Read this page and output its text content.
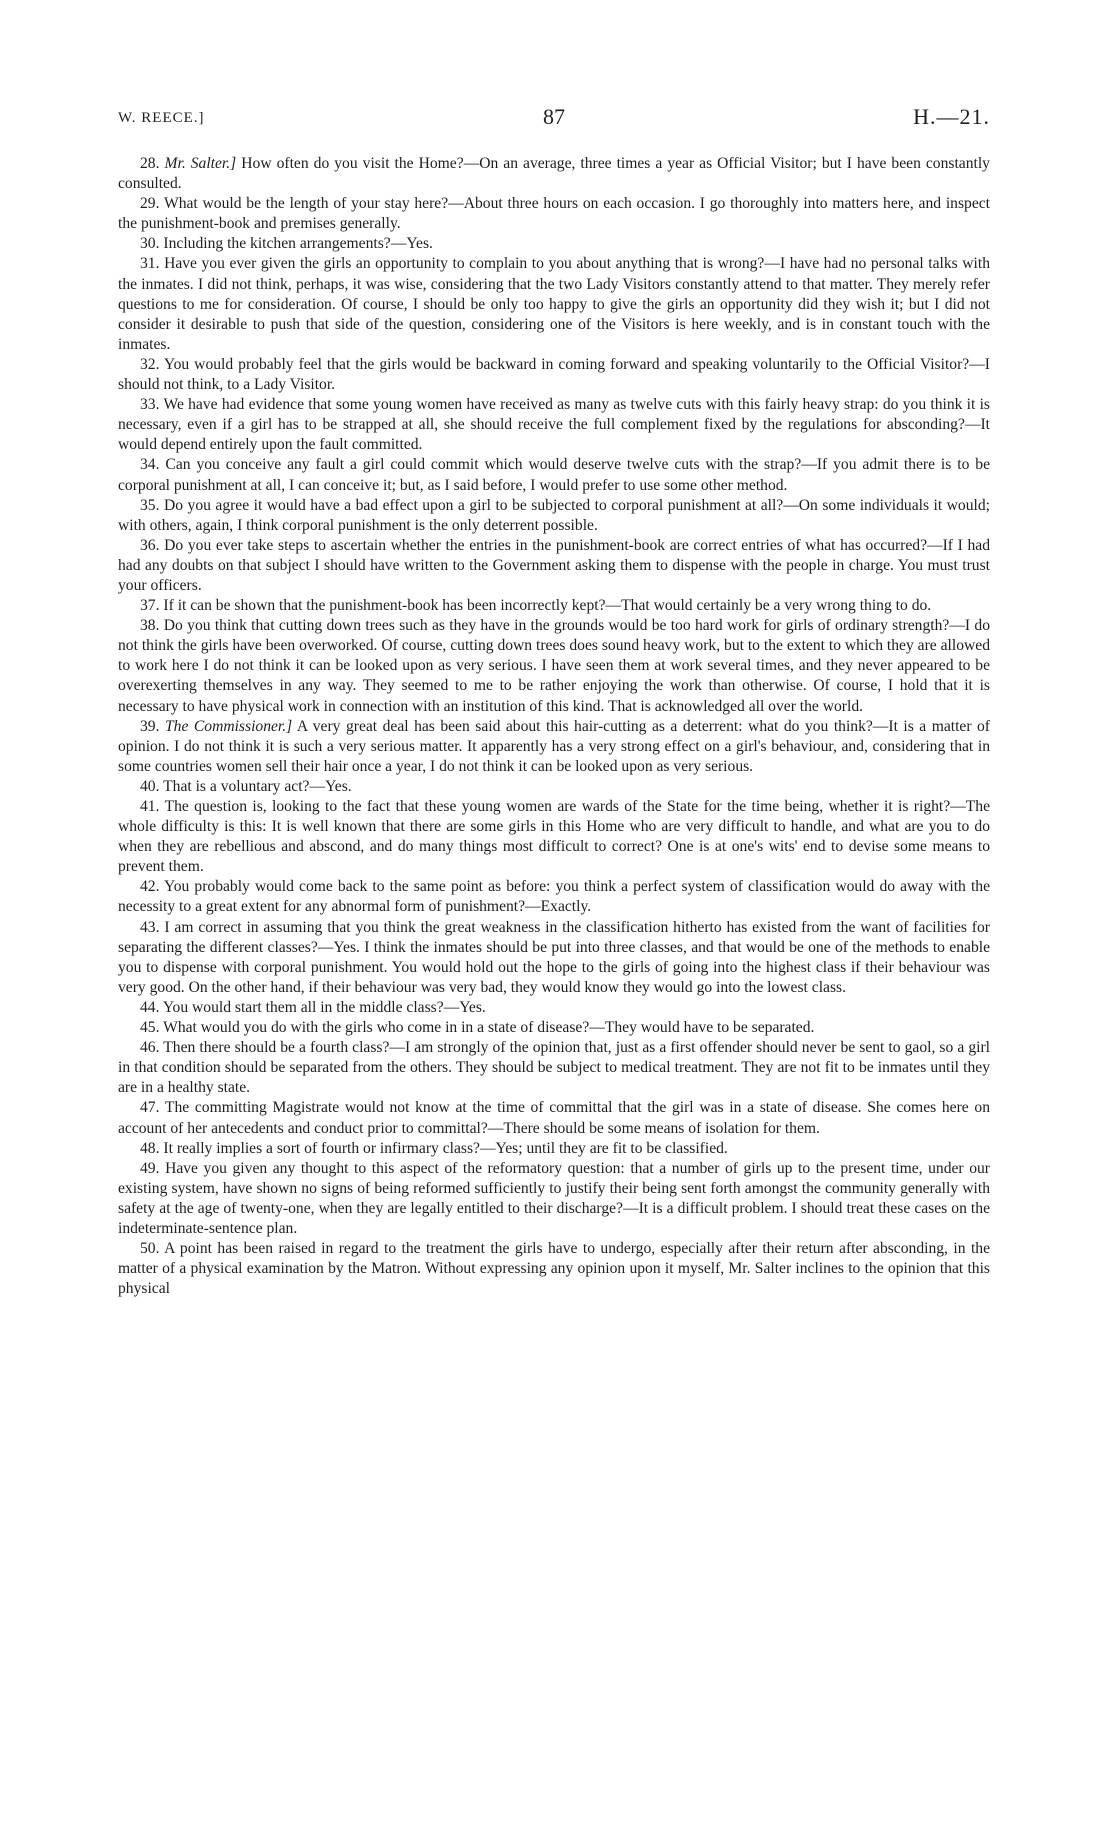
W. REECE.]	87	H.—21.

28. Mr. Salter.] How often do you visit the Home?—On an average, three times a year as Official Visitor; but I have been constantly consulted.

29. What would be the length of your stay here?—About three hours on each occasion. I go thoroughly into matters here, and inspect the punishment-book and premises generally.

30. Including the kitchen arrangements?—Yes.

31. Have you ever given the girls an opportunity to complain to you about anything that is wrong?—I have had no personal talks with the inmates. I did not think, perhaps, it was wise, considering that the two Lady Visitors constantly attend to that matter. They merely refer questions to me for consideration. Of course, I should be only too happy to give the girls an opportunity did they wish it; but I did not consider it desirable to push that side of the question, considering one of the Visitors is here weekly, and is in constant touch with the inmates.

32. You would probably feel that the girls would be backward in coming forward and speaking voluntarily to the Official Visitor?—I should not think, to a Lady Visitor.

33. We have had evidence that some young women have received as many as twelve cuts with this fairly heavy strap: do you think it is necessary, even if a girl has to be strapped at all, she should receive the full complement fixed by the regulations for absconding?—It would depend entirely upon the fault committed.

34. Can you conceive any fault a girl could commit which would deserve twelve cuts with the strap?—If you admit there is to be corporal punishment at all, I can conceive it; but, as I said before, I would prefer to use some other method.

35. Do you agree it would have a bad effect upon a girl to be subjected to corporal punishment at all?—On some individuals it would; with others, again, I think corporal punishment is the only deterrent possible.

36. Do you ever take steps to ascertain whether the entries in the punishment-book are correct entries of what has occurred?—If I had had any doubts on that subject I should have written to the Government asking them to dispense with the people in charge. You must trust your officers.

37. If it can be shown that the punishment-book has been incorrectly kept?—That would certainly be a very wrong thing to do.

38. Do you think that cutting down trees such as they have in the grounds would be too hard work for girls of ordinary strength?—I do not think the girls have been overworked. Of course, cutting down trees does sound heavy work, but to the extent to which they are allowed to work here I do not think it can be looked upon as very serious. I have seen them at work several times, and they never appeared to be overexerting themselves in any way. They seemed to me to be rather enjoying the work than otherwise. Of course, I hold that it is necessary to have physical work in connection with an institution of this kind. That is acknowledged all over the world.

39. The Commissioner.] A very great deal has been said about this hair-cutting as a deterrent: what do you think?—It is a matter of opinion. I do not think it is such a very serious matter. It apparently has a very strong effect on a girl's behaviour, and, considering that in some countries women sell their hair once a year, I do not think it can be looked upon as very serious.

40. That is a voluntary act?—Yes.

41. The question is, looking to the fact that these young women are wards of the State for the time being, whether it is right?—The whole difficulty is this: It is well known that there are some girls in this Home who are very difficult to handle, and what are you to do when they are rebellious and abscond, and do many things most difficult to correct? One is at one's wits' end to devise some means to prevent them.

42. You probably would come back to the same point as before: you think a perfect system of classification would do away with the necessity to a great extent for any abnormal form of punishment?—Exactly.

43. I am correct in assuming that you think the great weakness in the classification hitherto has existed from the want of facilities for separating the different classes?—Yes. I think the inmates should be put into three classes, and that would be one of the methods to enable you to dispense with corporal punishment. You would hold out the hope to the girls of going into the highest class if their behaviour was very good. On the other hand, if their behaviour was very bad, they would know they would go into the lowest class.

44. You would start them all in the middle class?—Yes.

45. What would you do with the girls who come in in a state of disease?—They would have to be separated.

46. Then there should be a fourth class?—I am strongly of the opinion that, just as a first offender should never be sent to gaol, so a girl in that condition should be separated from the others. They should be subject to medical treatment. They are not fit to be inmates until they are in a healthy state.

47. The committing Magistrate would not know at the time of committal that the girl was in a state of disease. She comes here on account of her antecedents and conduct prior to committal?—There should be some means of isolation for them.

48. It really implies a sort of fourth or infirmary class?—Yes; until they are fit to be classified.

49. Have you given any thought to this aspect of the reformatory question: that a number of girls up to the present time, under our existing system, have shown no signs of being reformed sufficiently to justify their being sent forth amongst the community generally with safety at the age of twenty-one, when they are legally entitled to their discharge?—It is a difficult problem. I should treat these cases on the indeterminate-sentence plan.

50. A point has been raised in regard to the treatment the girls have to undergo, especially after their return after absconding, in the matter of a physical examination by the Matron. Without expressing any opinion upon it myself, Mr. Salter inclines to the opinion that this physical
